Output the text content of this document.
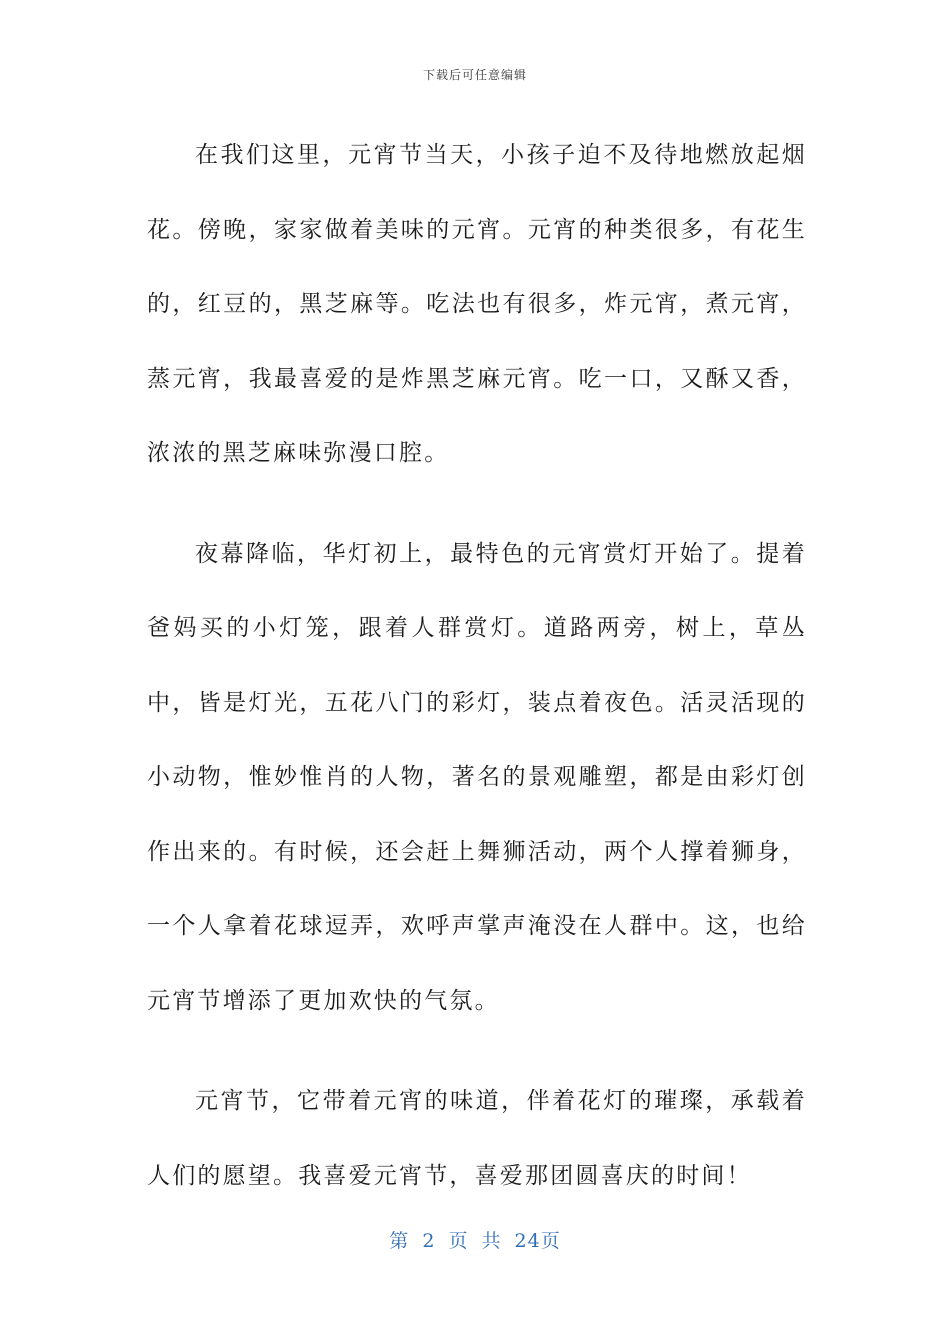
下载后可任意编辑

在我们这里，元宵节当天，小孩子迫不及待地燃放起烟花。傍晚，家家做着美味的元宵。元宵的种类很多，有花生的，红豆的，黑芝麻等。吃法也有很多，炸元宵，煮元宵，蒸元宵，我最喜爱的是炸黑芝麻元宵。吃一口，又酥又香，浓浓的黑芝麻味弥漫口腔。

夜幕降临，华灯初上，最特色的元宵赏灯开始了。提着爸妈买的小灯笼，跟着人群赏灯。道路两旁，树上，草丛中，皆是灯光，五花八门的彩灯，装点着夜色。活灵活现的小动物，惟妙惟肖的人物，著名的景观雕塑，都是由彩灯创作出来的。有时候，还会赶上舞狮活动，两个人撑着狮身，一个人拿着花球逗弄，欢呼声掌声淹没在人群中。这，也给元宵节增添了更加欢快的气氛。

元宵节，它带着元宵的味道，伴着花灯的璀璨，承载着人们的愿望。我喜爱元宵节，喜爱那团圆喜庆的时间！

第 2 页 共 24页
